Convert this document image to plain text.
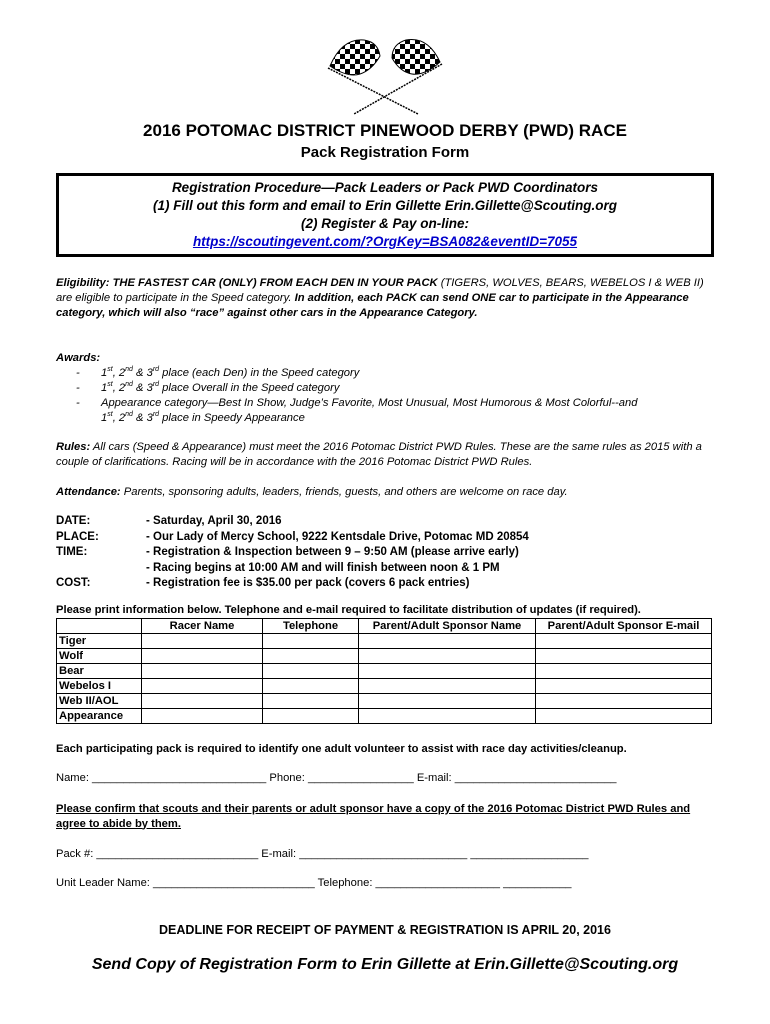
2016 POTOMAC DISTRICT PINEWOOD DERBY (PWD) RACE
Pack Registration Form
Registration Procedure—Pack Leaders or Pack PWD Coordinators
(1) Fill out this form and email to Erin Gillette Erin.Gillette@Scouting.org
(2) Register & Pay on-line:
https://scoutingevent.com/?OrgKey=BSA082&eventID=7055
Eligibility: THE FASTEST CAR (ONLY) FROM EACH DEN IN YOUR PACK (TIGERS, WOLVES, BEARS, WEBELOS I & WEB II) are eligible to participate in the Speed category. In addition, each PACK can send ONE car to participate in the Appearance category, which will also “race” against other cars in the Appearance Category.
Awards:
- 1st, 2nd & 3rd place (each Den) in the Speed category
- 1st, 2nd & 3rd place Overall in the Speed category
- Appearance category—Best In Show, Judge’s Favorite, Most Unusual, Most Humorous & Most Colorful--and
1st, 2nd & 3rd place in Speedy Appearance
Rules: All cars (Speed & Appearance) must meet the 2016 Potomac District PWD Rules. These are the same rules as 2015 with a couple of clarifications. Racing will be in accordance with the 2016 Potomac District PWD Rules.
Attendance: Parents, sponsoring adults, leaders, friends, guests, and others are welcome on race day.
DATE:	- Saturday, April 30, 2016
PLACE:	- Our Lady of Mercy School, 9222 Kentsdale Drive, Potomac MD 20854
TIME:	- Registration & Inspection between 9 – 9:50 AM (please arrive early)
- Racing begins at 10:00 AM and will finish between noon & 1 PM
COST:	- Registration fee is $35.00 per pack (covers 6 pack entries)
Please print information below. Telephone and e-mail required to facilitate distribution of updates (if required).
	Racer Name	Telephone	Parent/Adult Sponsor Name	Parent/Adult Sponsor E-mail
Tiger				
Wolf				
Bear				
Webelos I				
Web II/AOL				
Appearance				
Each participating pack is required to identify one adult volunteer to assist with race day activities/cleanup.
Name: ____________________________ Phone: _________________ E-mail: __________________________
Please confirm that scouts and their parents or adult sponsor have a copy of the 2016 Potomac District PWD Rules and agree to abide by them.
Pack #: __________________________ E-mail: ___________________________ ___________________
Unit Leader Name: __________________________ Telephone: ____________________ ___________
DEADLINE FOR RECEIPT OF PAYMENT & REGISTRATION IS APRIL 20, 2016
Send Copy of Registration Form to Erin Gillette at Erin.Gillette@Scouting.org
